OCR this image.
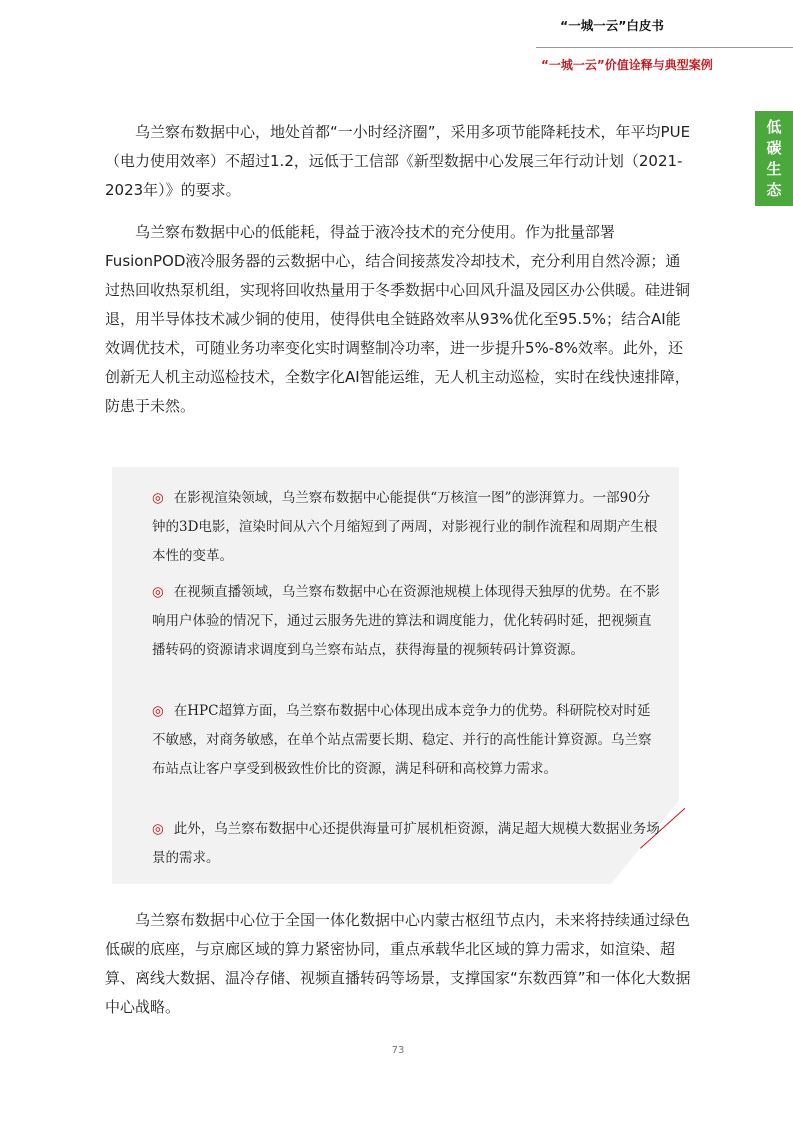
“一城一云”白皮书
“一城一云”价值诠释与典型案例
低
碳
生
态

乌兰察布数据中心，地处首都“一小时经济圈”，采用多项节能降耗技术，年平均PUE（电力使用效率）不超过1.2，远低于工信部《新型数据中心发展三年行动计划（2021-2023年）》的要求。

乌兰察布数据中心的低能耗，得益于液冷技术的充分使用。作为批量部署FusionPOD液冷服务器的云数据中心，结合间接蒸发冷却技术，充分利用自然冷源；通过热回收热泵机组，实现将回收热量用于冬季数据中心回风升温及园区办公供暖。硅进铜退，用半导体技术减少铜的使用，使得供电全链路效率从93%优化至95.5%；结合AI能效调优技术，可随业务功率变化实时调整制冷功率，进一步提升5%-8%效率。此外，还创新无人机主动巡检技术，全数字化AI智能运维，无人机主动巡检，实时在线快速排障，防患于未然。

◎ 在影视渲染领域，乌兰察布数据中心能提供“万核渲一图”的澎湃算力。一部90分钟的3D电影，渲染时间从六个月缩短到了两周，对影视行业的制作流程和周期产生根本性的变革。
◎ 在视频直播领域，乌兰察布数据中心在资源池规模上体现得天独厚的优势。在不影响用户体验的情况下，通过云服务先进的算法和调度能力，优化转码时延，把视频直播转码的资源请求调度到乌兰察布站点，获得海量的视频转码计算资源。
◎ 在HPC超算方面，乌兰察布数据中心体现出成本竞争力的优势。科研院校对时延不敏感，对商务敏感，在单个站点需要长期、稳定、并行的高性能计算资源。乌兰察布站点让客户享受到极致性价比的资源，满足科研和高校算力需求。
◎ 此外，乌兰察布数据中心还提供海量可扩展机柜资源，满足超大规模大数据业务场景的需求。

乌兰察布数据中心位于全国一体化数据中心内蒙古枢纽节点内，未来将持续通过绿色低碳的底座，与京廊区域的算力紧密协同，重点承载华北区域的算力需求，如渲染、超算、离线大数据、温冷存储、视频直播转码等场景，支撑国家“东数西算”和一体化大数据中心战略。

73
